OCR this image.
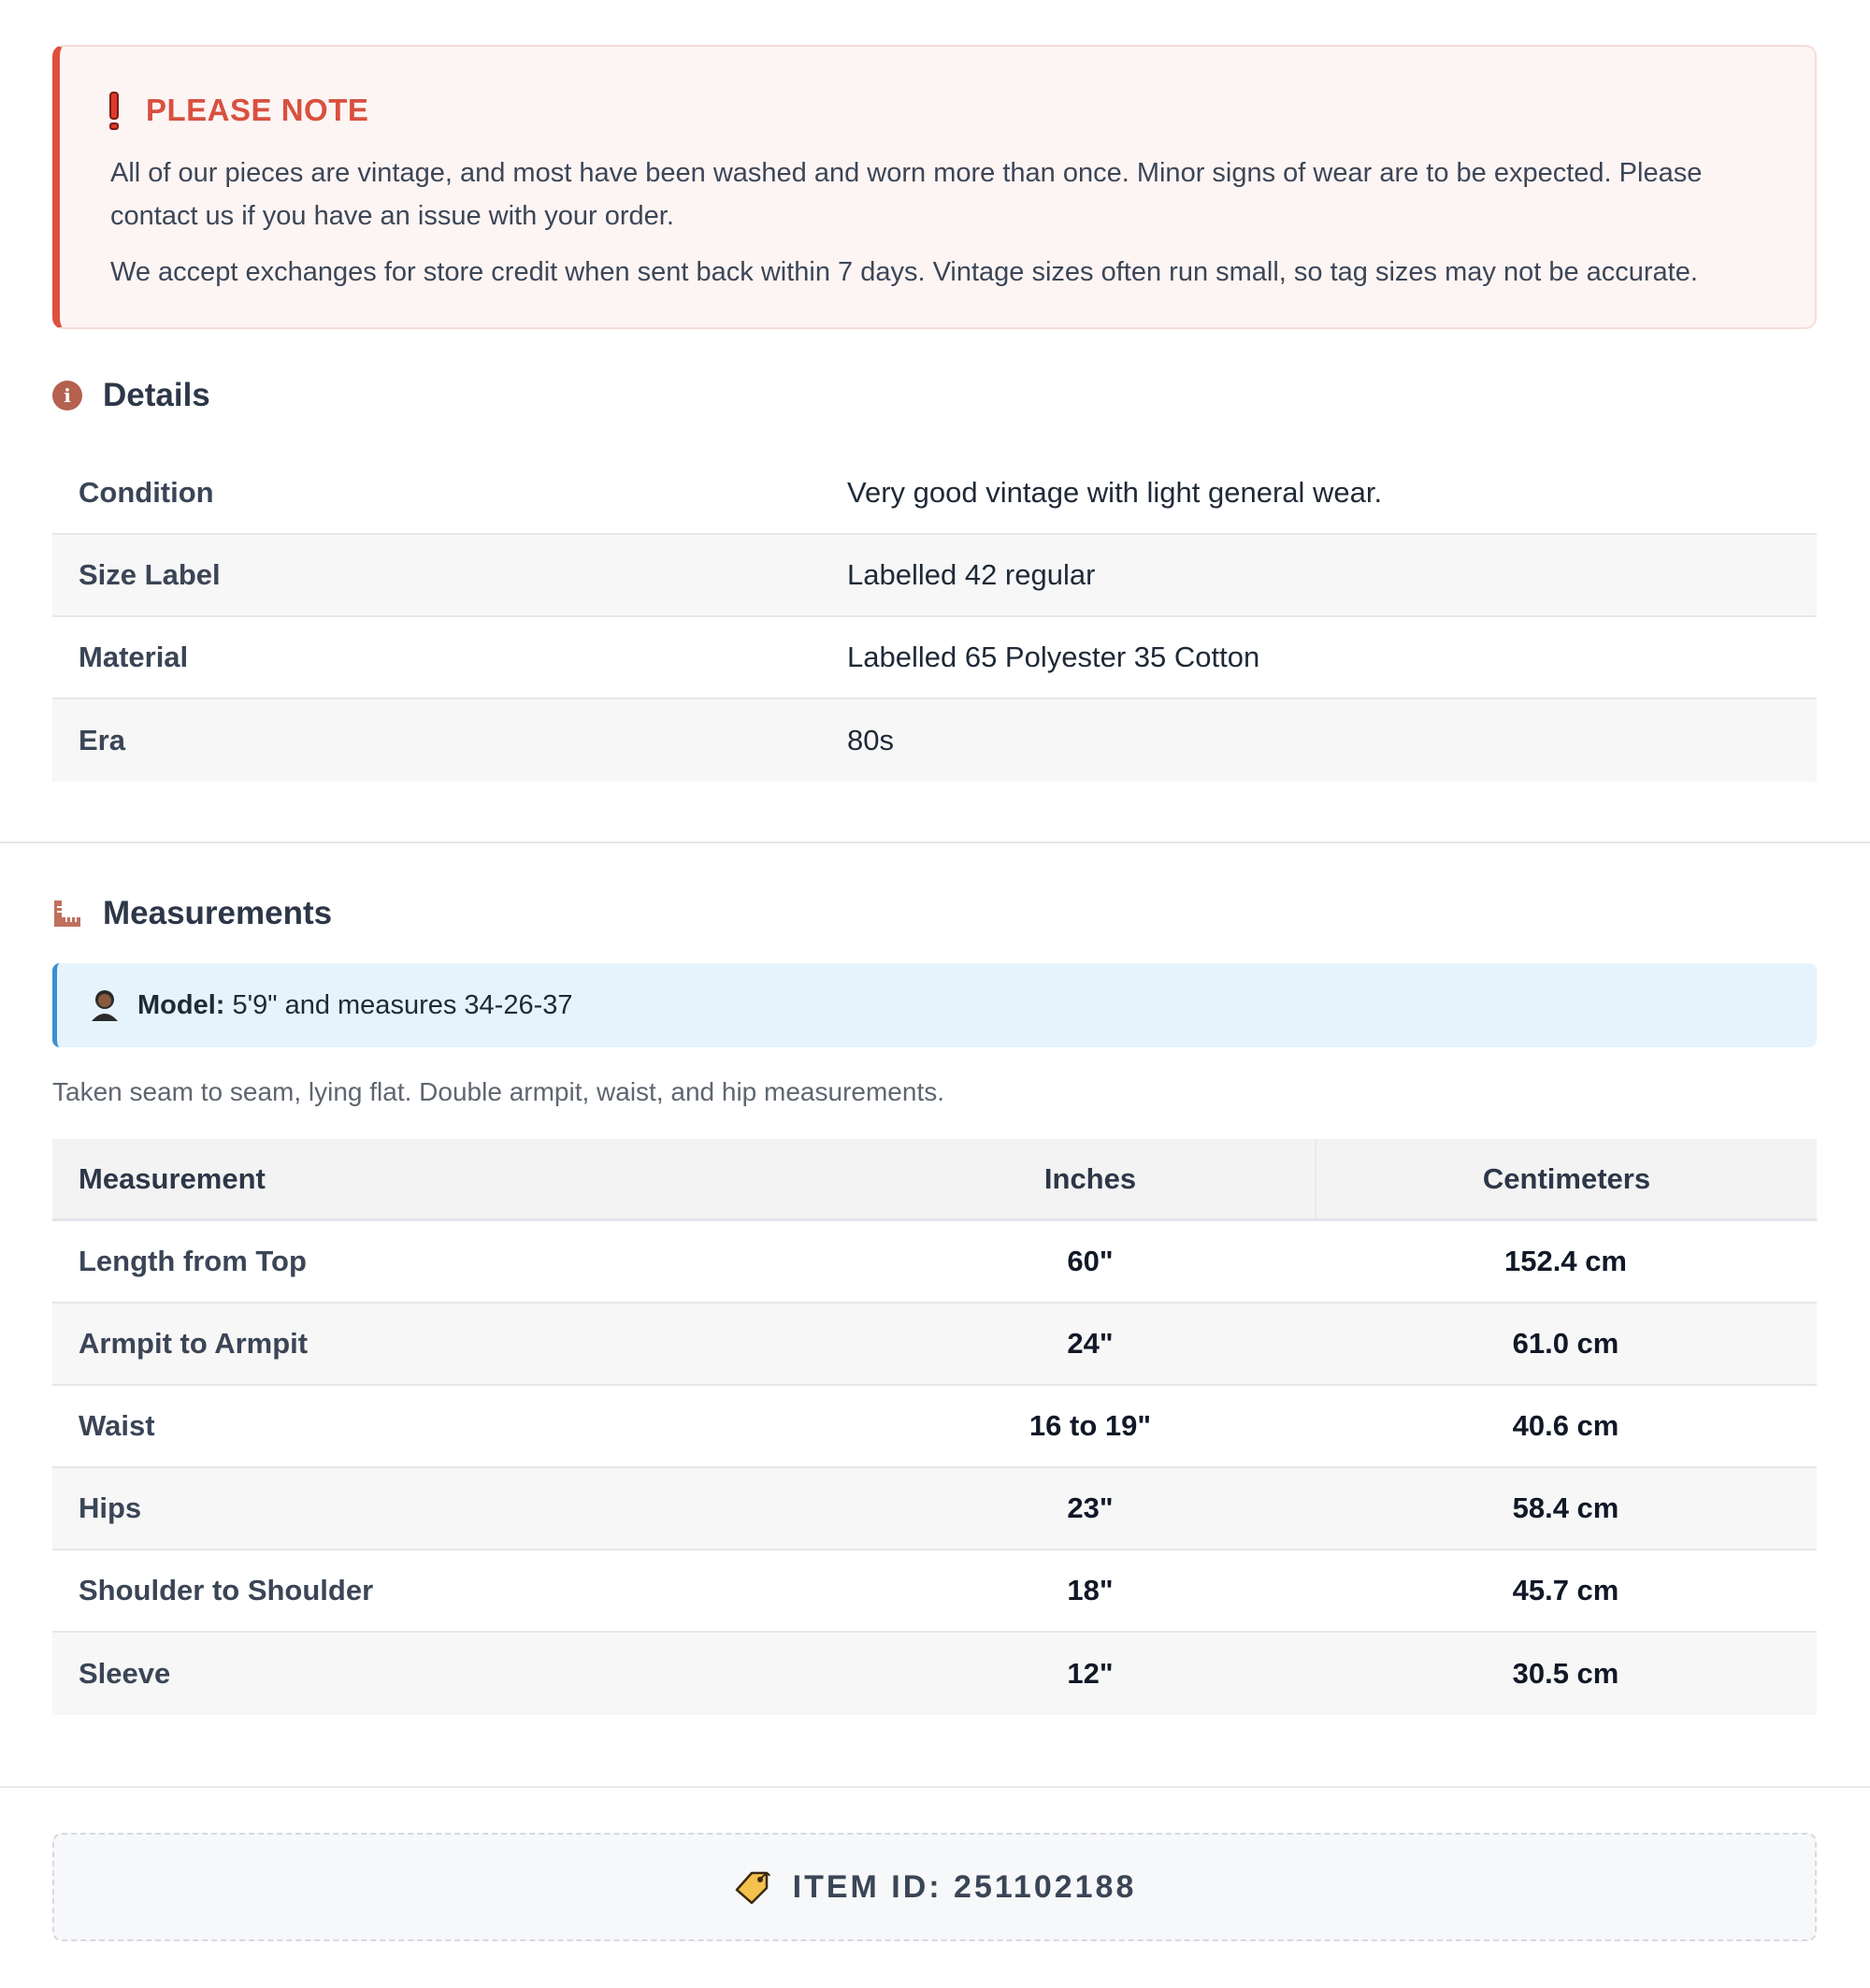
PLEASE NOTE

All of our pieces are vintage, and most have been washed and worn more than once. Minor signs of wear are to be expected. Please contact us if you have an issue with your order.

We accept exchanges for store credit when sent back within 7 days. Vintage sizes often run small, so tag sizes may not be accurate.

i Details
Condition	Very good vintage with light general wear.
Size Label	Labelled 42 regular
Material	Labelled 65 Polyester 35 Cotton
Era	80s
Measurements
Model: 5'9" and measures 34-26-37
Taken seam to seam, lying flat. Double armpit, waist, and hip measurements.
Measurement	Inches	Centimeters
Length from Top	60"	152.4 cm
Armpit to Armpit	24"	61.0 cm
Waist	16 to 19"	40.6 cm
Hips	23"	58.4 cm
Shoulder to Shoulder	18"	45.7 cm
Sleeve	12"	30.5 cm
ITEM ID: 251102188
